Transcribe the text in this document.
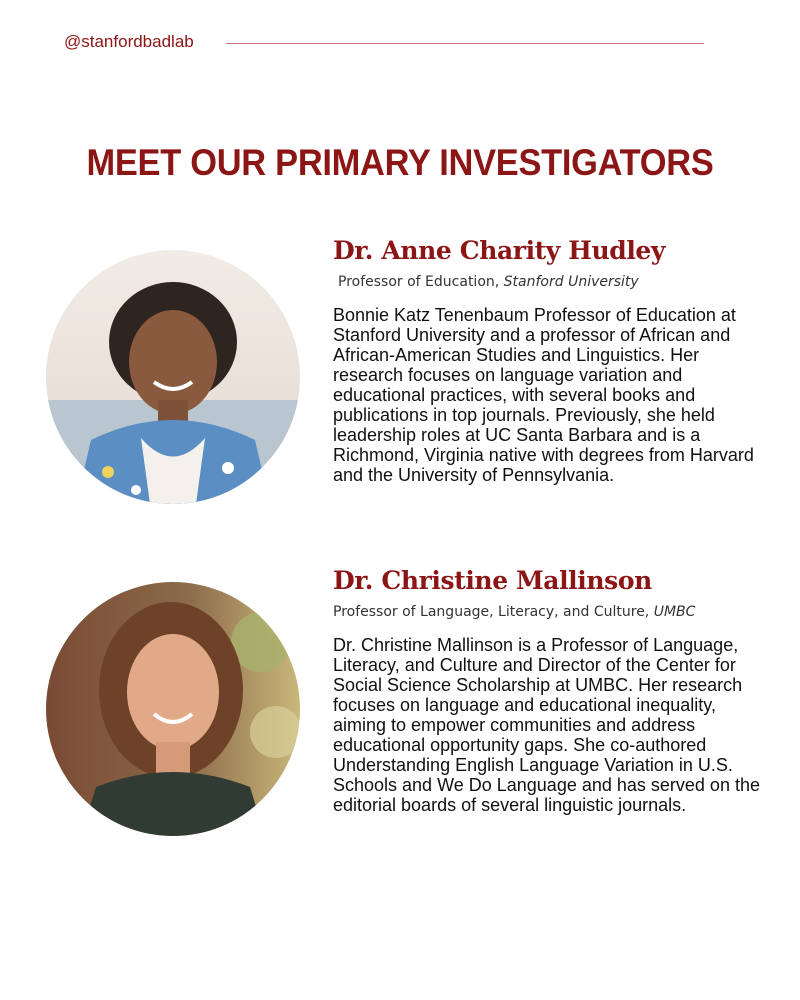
@stanfordbadlab
MEET OUR PRIMARY INVESTIGATORS
Dr. Anne Charity Hudley
Professor of Education, Stanford University

Bonnie Katz Tenenbaum Professor of Education at Stanford University and a professor of African and African-American Studies and Linguistics. Her research focuses on language variation and educational practices, with several books and publications in top journals. Previously, she held leadership roles at UC Santa Barbara and is a Richmond, Virginia native with degrees from Harvard and the University of Pennsylvania.

Dr. Christine Mallinson
Professor of Language, Literacy, and Culture, UMBC

Dr. Christine Mallinson is a Professor of Language, Literacy, and Culture and Director of the Center for Social Science Scholarship at UMBC. Her research focuses on language and educational inequality, aiming to empower communities and address educational opportunity gaps. She co-authored Understanding English Language Variation in U.S. Schools and We Do Language and has served on the editorial boards of several linguistic journals.
